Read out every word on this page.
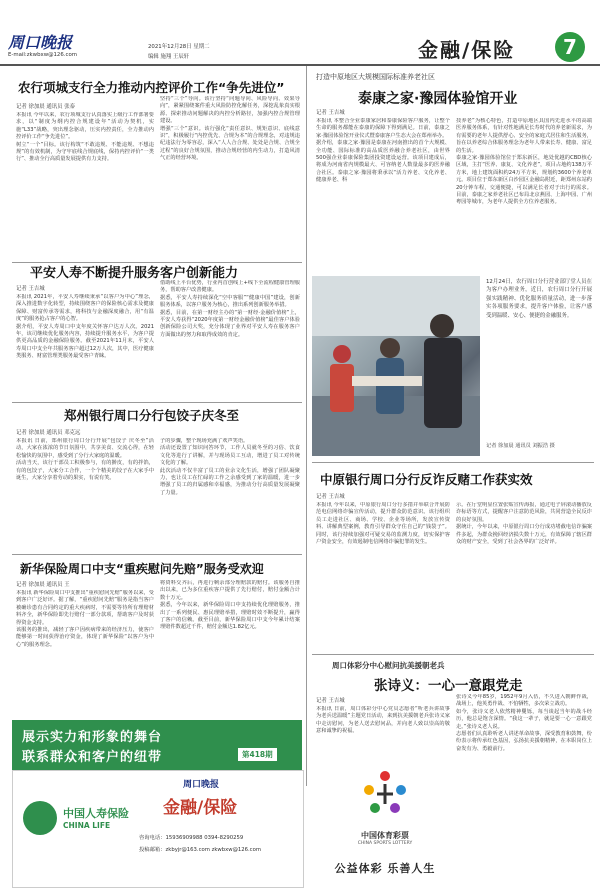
周口晚报
E-mail:zkwbxw@126.com
2021年12月28日 星期二
编辑 施翔 王辰轩	金融/保险	7
农行项城支行全力推动内控评价工作“争先进位”
记者 徐加晨 通讯员 张泰
本报讯 今年以来，农行项城支行认真落实上级行工作部署要求，以“制度为纲内控合规建设年”活动为契机，实施“L33”战略，突出理念驱动，压实内控责任，全力推动内控评价工作“争先进位”。
树立“一个”目标。该行构筑“不敢违规、不能违规、不想违规”的有效机制，为守牢底线合规底线，保持内控评价“一类行”、推动全行高质量发展提供有力支持。
坚持“三个”导向。该行坚持“问题导向、风险导向、效果导向”，紧紧围绕案件重大风险防控化解任务，深挖乱象真实根源、探索推动问题解决的内控分析路径，加强内控合规管理建设。
增强“三个”意识。该行强化“责任意识、规矩意识、底线意识”，积极履行“内控优先、合规为本”的合规理念，对违规违纪违法行为零容忍，深入“人人合合规、处处是合规、合规全过程”的良好合规氛围，推动合规经营的内生动力，打造风清气正的经营环境。
打造中原地区大规模国际标准养老社区
泰康之家·豫园体验馆开业
记者 王吉城
本报讯 本整合全业泰康家居和泰康保险客户服务，让整个生命的服务都能在泰康的保障下得到满足。日前，泰康之家·豫园体验馆开业仪式暨泰康客户生态大会在郑州举办。
据介绍，泰康之家·豫园是泰康在河南推出的首个大规模、全功能、国际标准的高品质医养融合养老社区，由世界500强企业泰康保险集团投资建设运营。该项目建成后，将成为河南省内规模最大、可容纳老人数量最多的医养融合社区。泰康之家·豫园将秉承以“活力养老、文化养老、健康养老、科
技养老”为核心特色，打造中原地区具国内先进水平的高端医养服务体系，有针对性地满足长寿时代的养老新需求，为有需要的老年人提供舒心、安全的家庭式居住和生活服务，旨在以养老综合体服务理念为老年人带来长寿、健康、富足的生活。
泰康之家·豫园体验馆位于郑东新区，地处优越的CBD核心区域，主打“医养、康复、文化养老”，项目占地约138万平方米，地上建筑面积约24万平方米，规划约3600个养老单元。项目位于郑东新区白沙园区金融岛附近，距郑州东站约20分钟车程，交通便捷，可以满足长者对于出行的需求。目前，泰康之家养老社区已布局北京燕园、上海申园、广州粤园等城市，为老年人提供全方位养老服务。
平安人寿不断提升服务客户创新能力
记者 王吉城
本报讯 2021年，平安人寿继续秉承“以客户为中心”理念，深入推进数字化转型，持续围绕客户的保险核心需求及健康保障、财富传承等需求，将科技与金融深度融合，用“有温度”的服务抢占客户的心智。
据介绍，平安人寿周口中支年度关怀客户达万人次。2021年，该司继续优化服务内容，持续提升服务水平，为客户提供更高品质的金融保险服务。截至2021年11月末，平安人寿周口中支全年共服务客户超过12万人次，其中，医疗健康类服务、财富管理类服务最受客户青睐。
借助线上平台优势，行业内首创线上+线下全流程健康管理服务，帮助客户改善健康。
据悉，平安人寿持续深化“空中客服”“健康中国”建设，创新服务体系，以客户服务为核心，推出系列创新服务举措。
据悉，目前，在第一财经主办的“第一财经·金融价值榜”上，平安人寿获得“2020年度第一财经金融价值榜”最佳客户体验创新保险公司大奖，充分体现了业界对平安人寿在服务客户方面做出的努力和取得成效的肯定。
12月24日，农行周口分行营业部厅堂人员在为客户办理业务，近日，农行周口分行开展强实践精神、优化服务质量活动，进一步落实各项服务要求，提升客户体验，让客户感受到温暖、安心、便捷的金融服务。
记者 徐加晨 通讯员 刘振浩 摄
郑州银行周口分行包饺子庆冬至
记者 徐加晨 通讯员 邓克远
本报讯 日前，郑州银行周口分行开展“包饺子 庆冬至”活动，大家在浓浓的节日氛围中，共享美食、交流心得，在轻松愉快的氛围中，感受到了分行大家庭的温暖。
活动当天，该行干部员工积极参与，有的擀皮，有的拌馅，有的包饺子，大家分工合作，一个个精美的饺子在大家手中诞生，大家分享着劳动的果实，有说有笑。
子的步骤，整个现场充满了欢声笑语。
活动还设置了知识问答环节，工作人员就冬至的习俗、饮食文化等进行了讲解，并与现场员工互动，增进了员工对传统文化的了解。
此次活动不仅丰富了员工的业余文化生活，增强了团队凝聚力，也让员工在忙碌的工作之余感受到了家的温暖，进一步增强了员工的归属感和幸福感，为推动分行高质量发展凝聚了力量。
中原银行周口分行反诈反赌工作获实效
记者 王吉城
本报讯 今年以来，中原银行周口分行多措并举联合开展防范电信网络诈骗宣传活动，提升群众防范意识。该行组织员工走进社区、商场、学校、企业等场所，发放宣传资料、讲解典型案例，教育引导群众守住自己的“钱袋子”。同时，该行持续加强对可疑交易的监测力度，切实保护客户资金安全，有效遏制电信网络诈骗犯罪的发生。
示。在厅堂明显位置张贴宣传海报，通过电子屏滚动播放反诈标语等方式，提醒客户注意防范风险，共同营造全民反诈的良好氛围。
据统计，今年以来，中原银行周口分行成功堵截电信诈骗案件多起，为群众挽回经济损失数十万元，有效保障了辖区群众的财产安全，受到了社会各界的广泛好评。
新华保险周口中支“重疾慰问先赔”服务受欢迎
记者 徐加晨 通讯员 王
本报讯 新华保险周口中支推出“重疾慰问先赔”服务以来，受到客户广泛好评。据了解，“重疾慰问先赔”服务是指当客户被确诊患有合同约定的重大疾病时，不需要等待所有理赔材料齐全，新华保险即先行赔付一部分款项，帮助客户及时获得资金支持。
该服务的推出，减轻了客户因疾病带来的经济压力，使客户能够第一时间获得治疗资金，体现了新华保险“以客户为中心”的服务理念。
将资料交齐后，再进行剩余部分理赔款的赔付。该服务自推出以来，已为多位重疾客户提供了先行赔付，赔付金额合计数十万元。
据悉，今年以来，新华保险周口中支持续优化理赔服务，推出了一系列便民、惠民理赔举措，理赔时效不断提升，赢得了客户的信赖。截至目前，新华保险周口中支今年累计结案理赔件数超过千件，赔付金额达1.82亿元。
周口体彩分中心慰问抗美援朝老兵
张诗义：一心一意跟党走
记者 王吉城
本报讯 日前，周口体彩分中心党员志愿者“听老兵讲故事 为老兵送温暖”主题党日活动，来到抗美援朝老兵张诗义家中走访慰问，为老人送去慰问品，并向老人致以崇高的敬意和诚挚的祝福。
张诗义今年85岁，1952年9月入伍，不久进入朝鲜作战，战场上，他英勇作战、不怕牺牲，多次荣立战功。
如今，张诗义老人依然精神矍铄，每当谈起当年的战斗经历，他总是饱含深情。“我这一辈子，就是要一心一意跟党走。”张诗义老人说。
志愿者们认真聆听老人讲述革命故事，深受教育和鼓舞，纷纷表示将传承红色基因，弘扬抗美援朝精神，在本职岗位上奋发有为、勇毅前行。
中国体育彩票
CHINA SPORTS LOTTERY
公益体彩 乐善人生
展示实力和形象的舞台
联系群众和客户的纽带	第418期
中国人寿保险
CHINA LIFE
周口晚报
金融/保险
咨询电话：15936909988 0394-8290259
投稿邮箱：zkbyjr@163.com zkwbxw@126.com
